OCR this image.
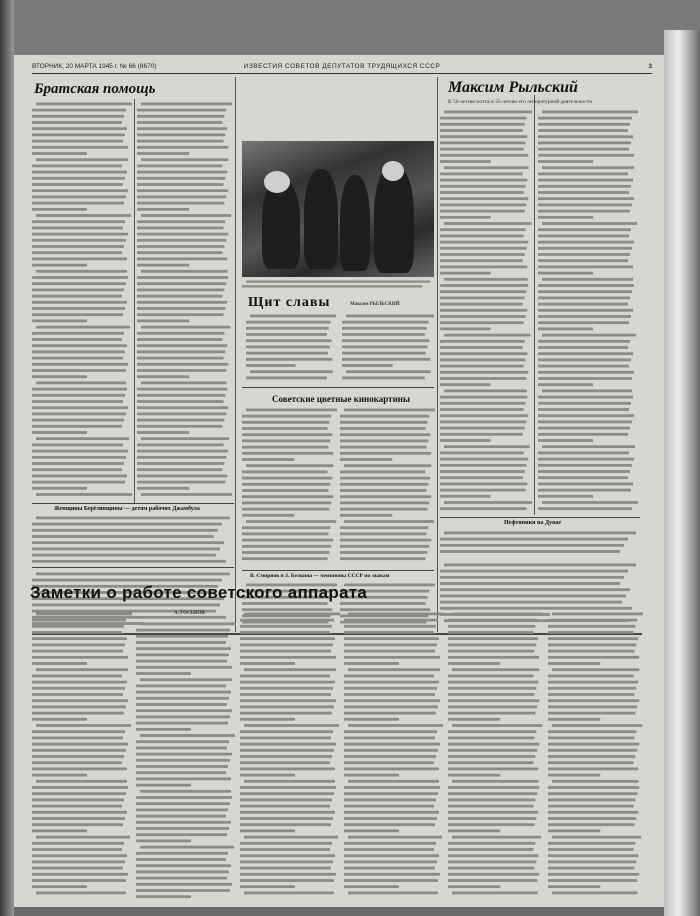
ВТОРНИК, 20 МАРТА 1945 г. № 66 (8670)	ИЗВЕСТИЯ СОВЕТОВ ДЕПУТАТОВ ТРУДЯЩИХСЯ СССР	3
Братская помощь
Женщины Берёзинщины — детям рабочих Джамбула
Щит славы	Максим РЫЛЬСКИЙ
Советские цветные кинокартины
В. Смирнов и З. Белкина — чемпионы СССР по лыжам
Максим Рыльский
К 50-летию поэта и 35-летию его литературной деятельности
Нефтяники на Дунае
Заметки о работе советского аппарата
А. ГОСЬКОВ
